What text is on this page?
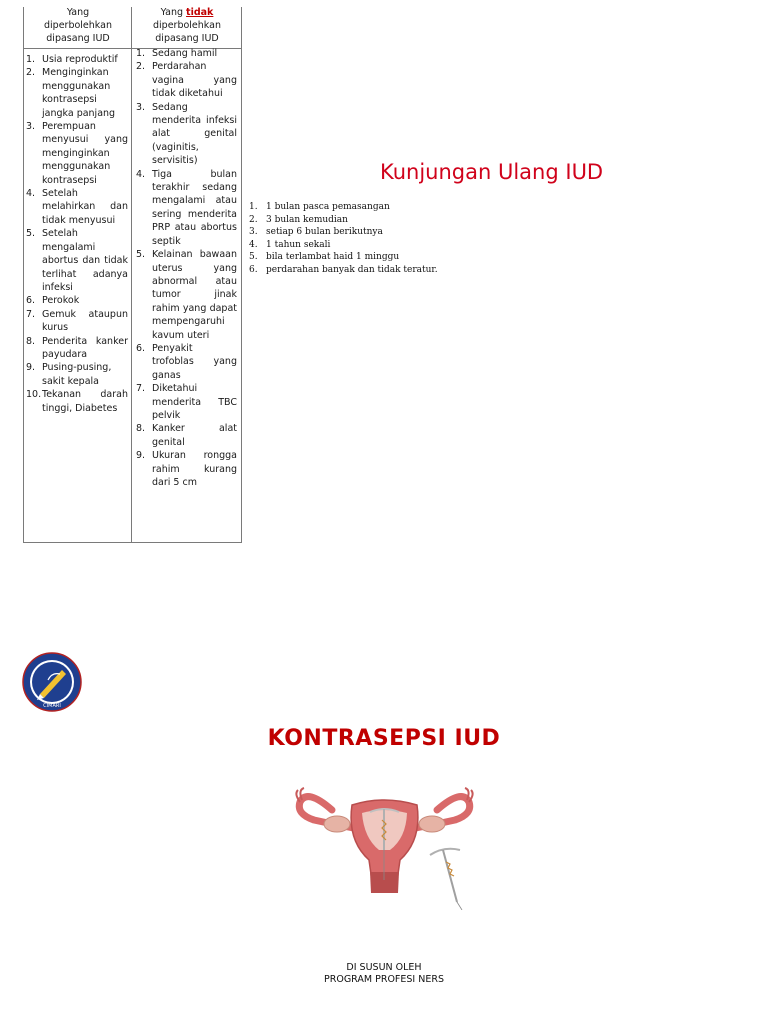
Yang
diperbolehkan
dipasang IUD
Yang tidak
diperbolehkan
dipasang IUD
1. Usia reproduktif
2. Menginginkan menggunakan kontrasepsi jangka panjang
3. Perempuan menyusui yang menginginkan menggunakan kontrasepsi
4. Setelah melahirkan dan tidak menyusui
5. Setelah mengalami abortus dan tidak terlihat adanya infeksi
6. Perokok
7. Gemuk ataupun kurus
8. Penderita kanker payudara
9. Pusing-pusing, sakit kepala
10. Tekanan darah tinggi, Diabetes
1. Sedang hamil
2. Perdarahan vagina yang tidak diketahui
3. Sedang menderita infeksi alat genital (vaginitis, servisitis)
4. Tiga bulan terakhir sedang mengalami atau sering menderita PRP atau abortus septik
5. Kelainan bawaan uterus yang abnormal atau tumor jinak rahim yang dapat mempengaruhi kavum uteri
6. Penyakit trofoblas yang ganas
7. Diketahui menderita TBC pelvik
8. Kanker alat genital
9. Ukuran rongga rahim kurang dari 5 cm
Kunjungan Ulang IUD
1. 1 bulan pasca pemasangan
2. 3 bulan kemudian
3. setiap 6 bulan berikutnya
4. 1 tahun sekali
5. bila terlambat haid 1 minggu
6. perdarahan banyak dan tidak teratur.
CIMARI
KONTRASEPSI IUD
DI SUSUN OLEH
PROGRAM PROFESI NERS
